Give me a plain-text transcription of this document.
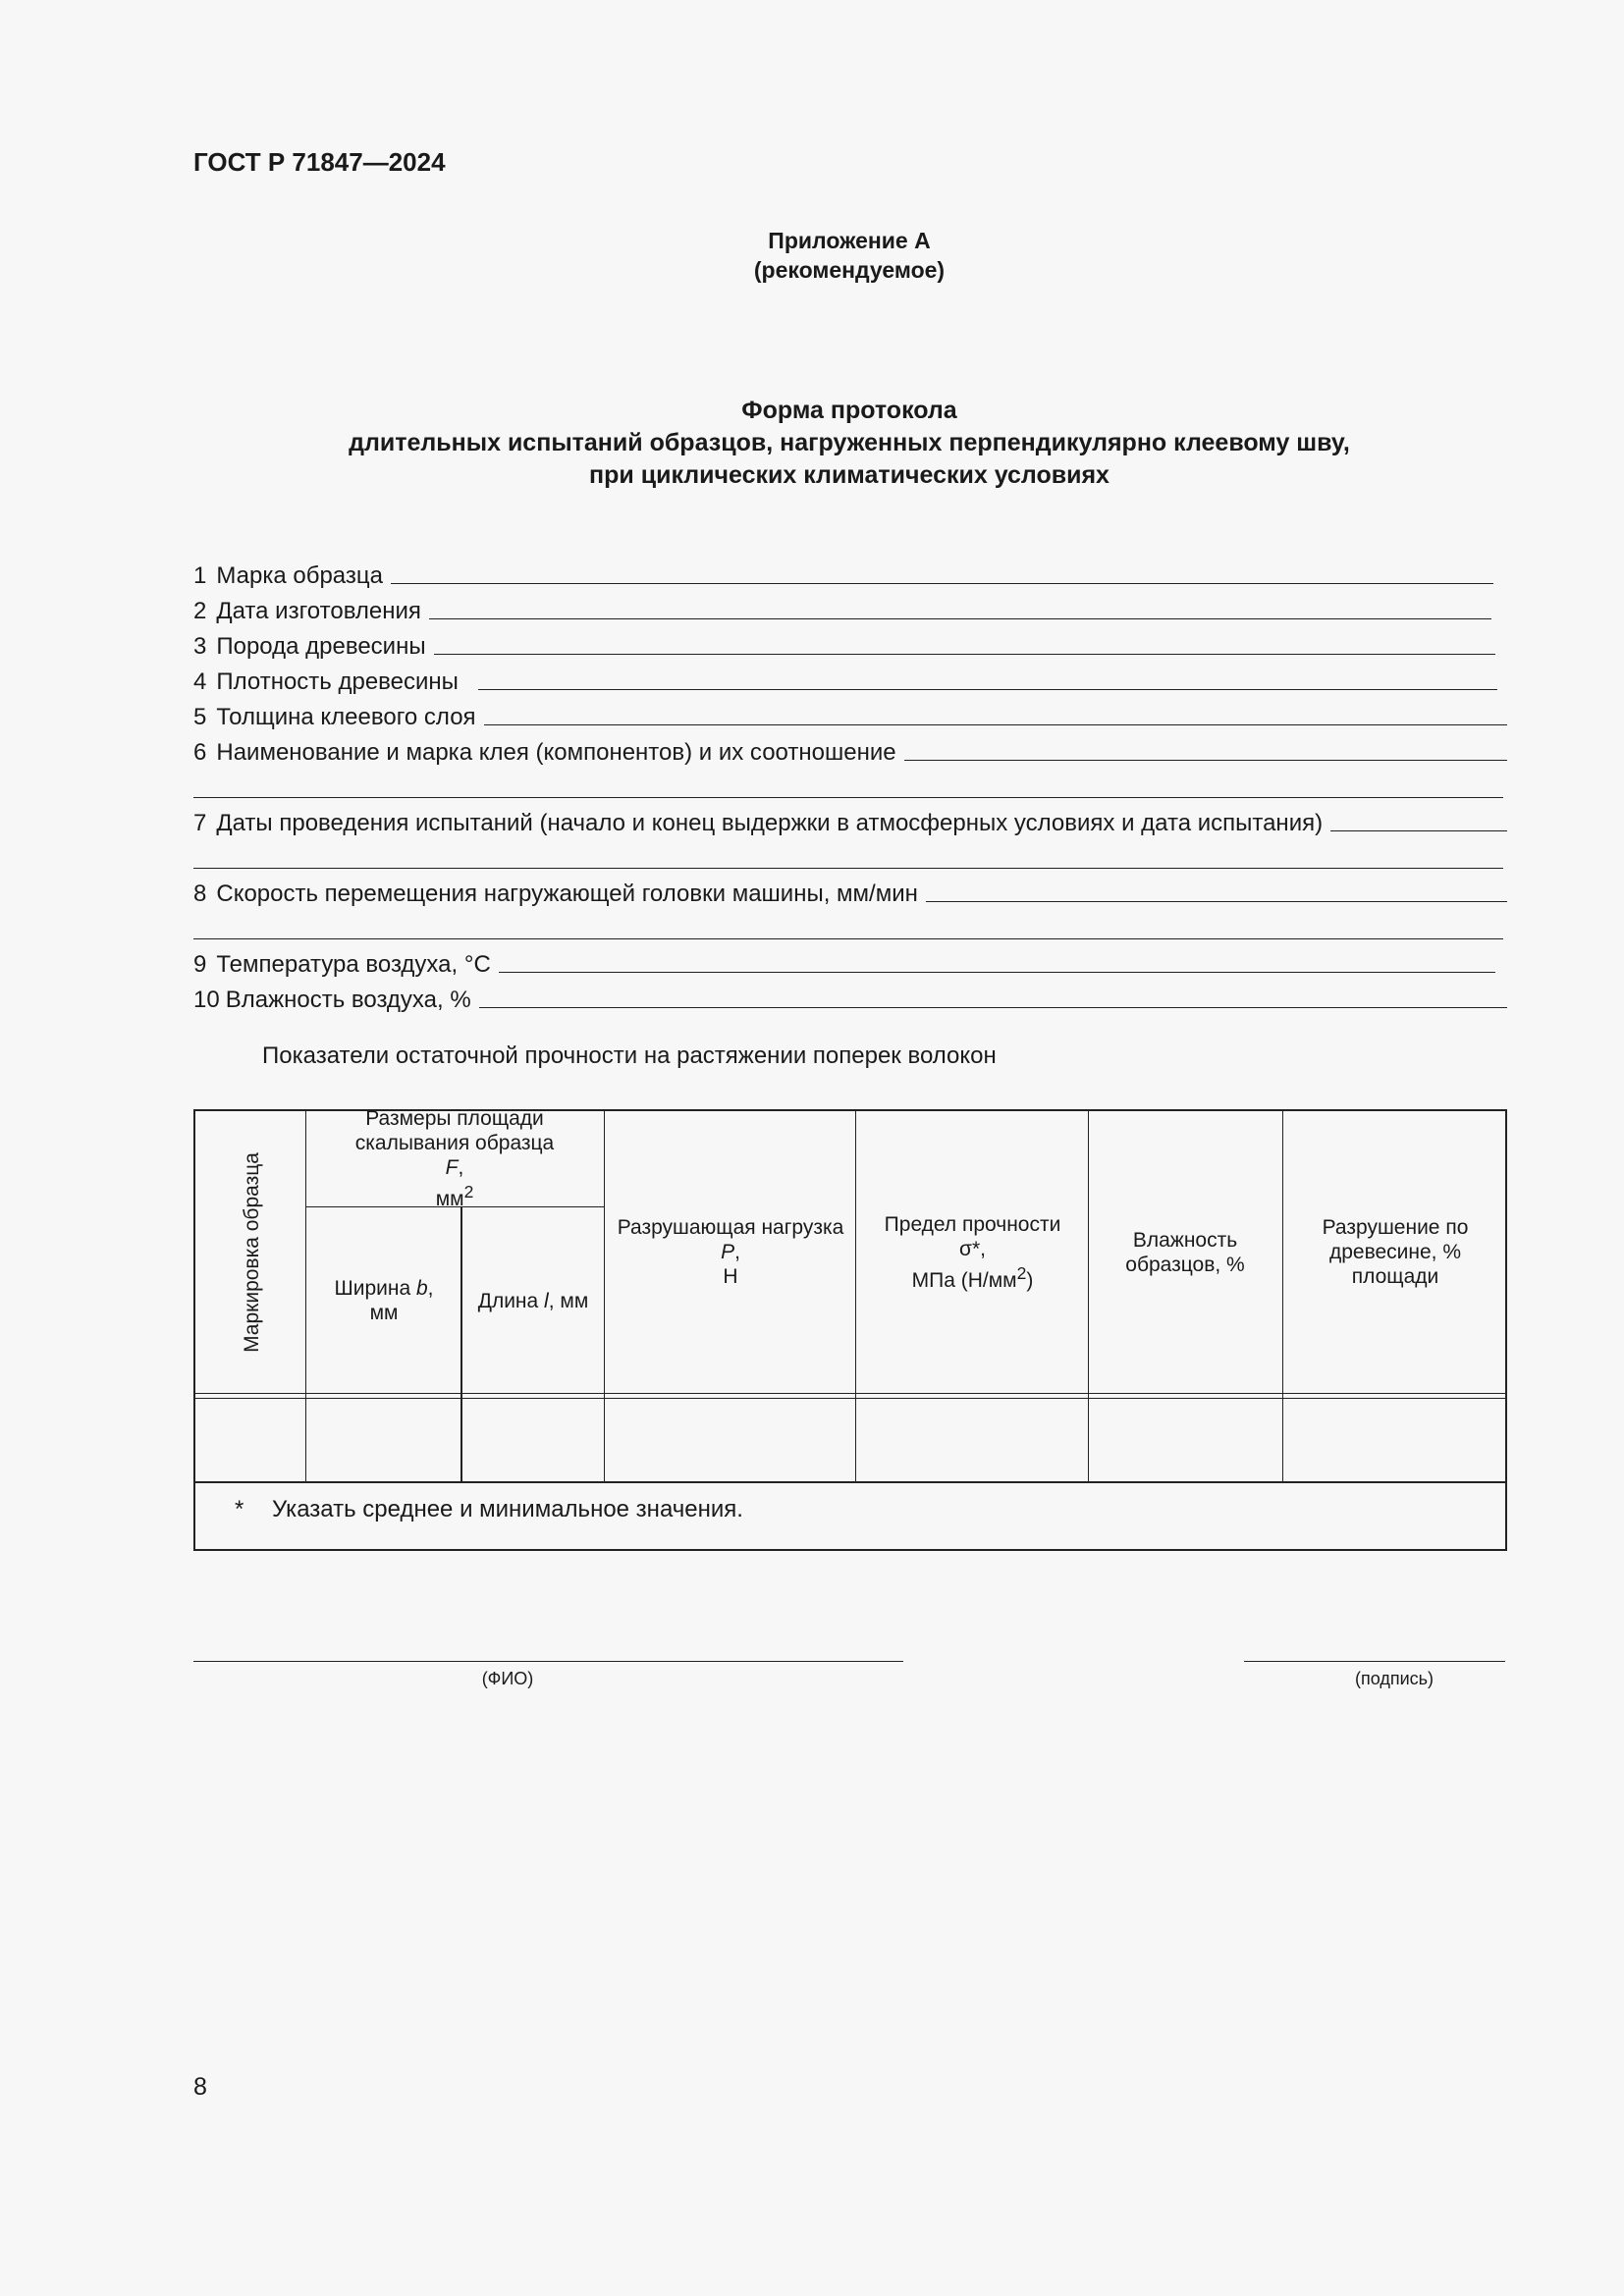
ГОСТ Р 71847—2024
Приложение А
(рекомендуемое)
Форма протокола
длительных испытаний образцов, нагруженных перпендикулярно клеевому шву,
при циклических климатических условиях
1 Марка образца
2 Дата изготовления
3 Порода древесины
4 Плотность древесины
5 Толщина клеевого слоя
6 Наименование и марка клея (компонентов) и их соотношение
7 Даты проведения испытаний (начало и конец выдержки в атмосферных условиях и дата испытания)
8 Скорость перемещения нагружающей головки машины, мм/мин
9 Температура воздуха, °С
10 Влажность воздуха, %
Показатели остаточной прочности на растяжении поперек волокон
Маркировка образца
Размеры площади скалывания образца
F,
$мм^2$
Ширина b,
мм
Длина l, мм
Разрушающая нагрузка
P,
Н
Предел прочности
σ*,
МПа $(Н/мм^2)$
Влажность образцов, %
Разрушение по древесине, % площади
* Указать среднее и минимальное значения.
(ФИО)	(подпись)
8
